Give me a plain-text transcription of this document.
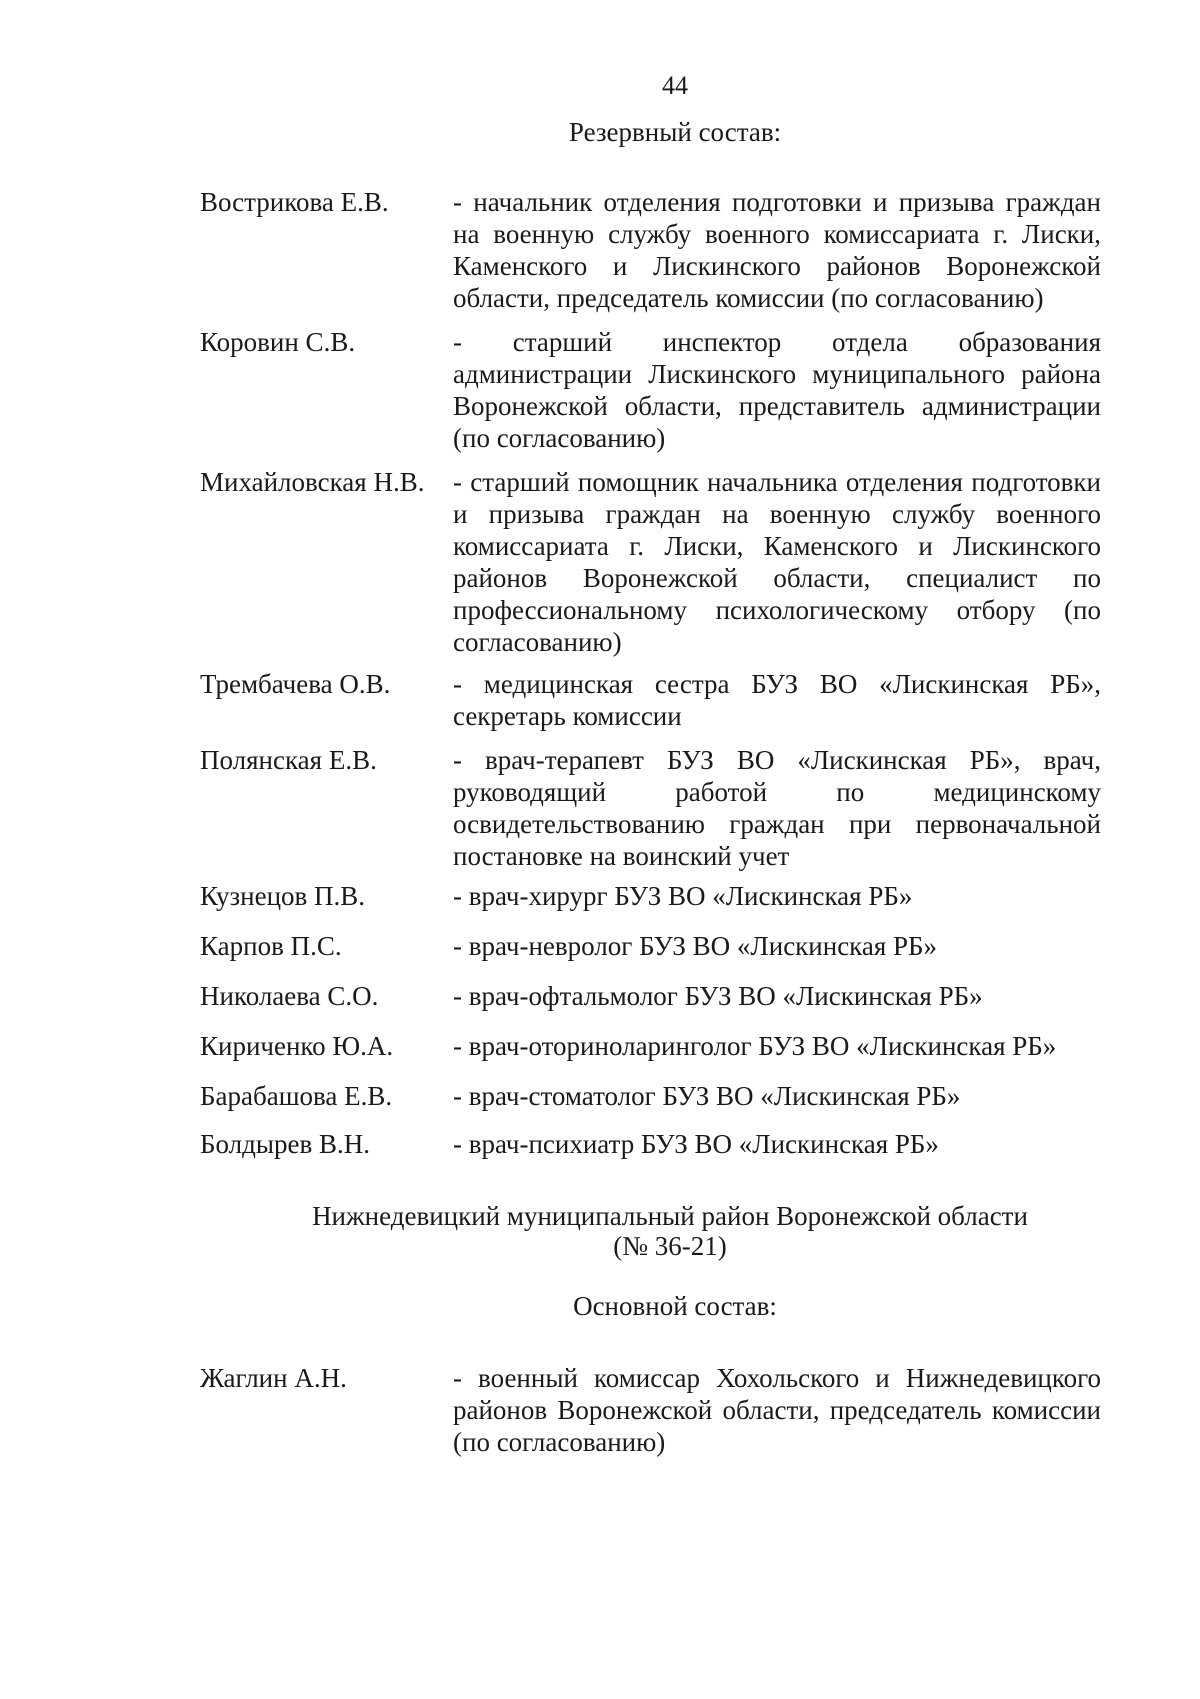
44
Резервный состав:
Вострикова Е.В. - начальник отделения подготовки и призыва граждан на военную службу военного комиссариата г. Лиски, Каменского и Лискинского районов Воронежской области, председатель комиссии (по согласованию)
Коровин С.В.	- старший инспектор отдела образования администрации Лискинского муниципального района Воронежской области, представитель администрации (по согласованию)
Михайловская Н.В. - старший помощник начальника отделения подготовки и призыва граждан на военную службу военного комиссариата г. Лиски, Каменского и Лискинского районов Воронежской области, специалист по профессиональному психологическому отбору (по согласованию)
Трембачева О.В. - медицинская сестра БУЗ ВО «Лискинская РБ», секретарь комиссии
Полянская Е.В.	- врач-терапевт БУЗ ВО «Лискинская РБ», врач, руководящий работой по медицинскому освидетельствованию граждан при первоначальной постановке на воинский учет
Кузнецов П.В.	- врач-хирург БУЗ ВО «Лискинская РБ»
Карпов П.С.	- врач-невролог БУЗ ВО «Лискинская РБ»
Николаева С.О.	- врач-офтальмолог БУЗ ВО «Лискинская РБ»
Кириченко Ю.А. - врач-оториноларинголог БУЗ ВО «Лискинская РБ»
Барабашова Е.В. - врач-стоматолог БУЗ ВО «Лискинская РБ»
Болдырев В.Н.	- врач-психиатр БУЗ ВО «Лискинская РБ»
Нижнедевицкий муниципальный район Воронежской области
(№ 36-21)
Основной состав:
Жаглин А.Н.	- военный комиссар Хохольского и Нижнедевицкого районов Воронежской области, председатель комиссии (по согласованию)
